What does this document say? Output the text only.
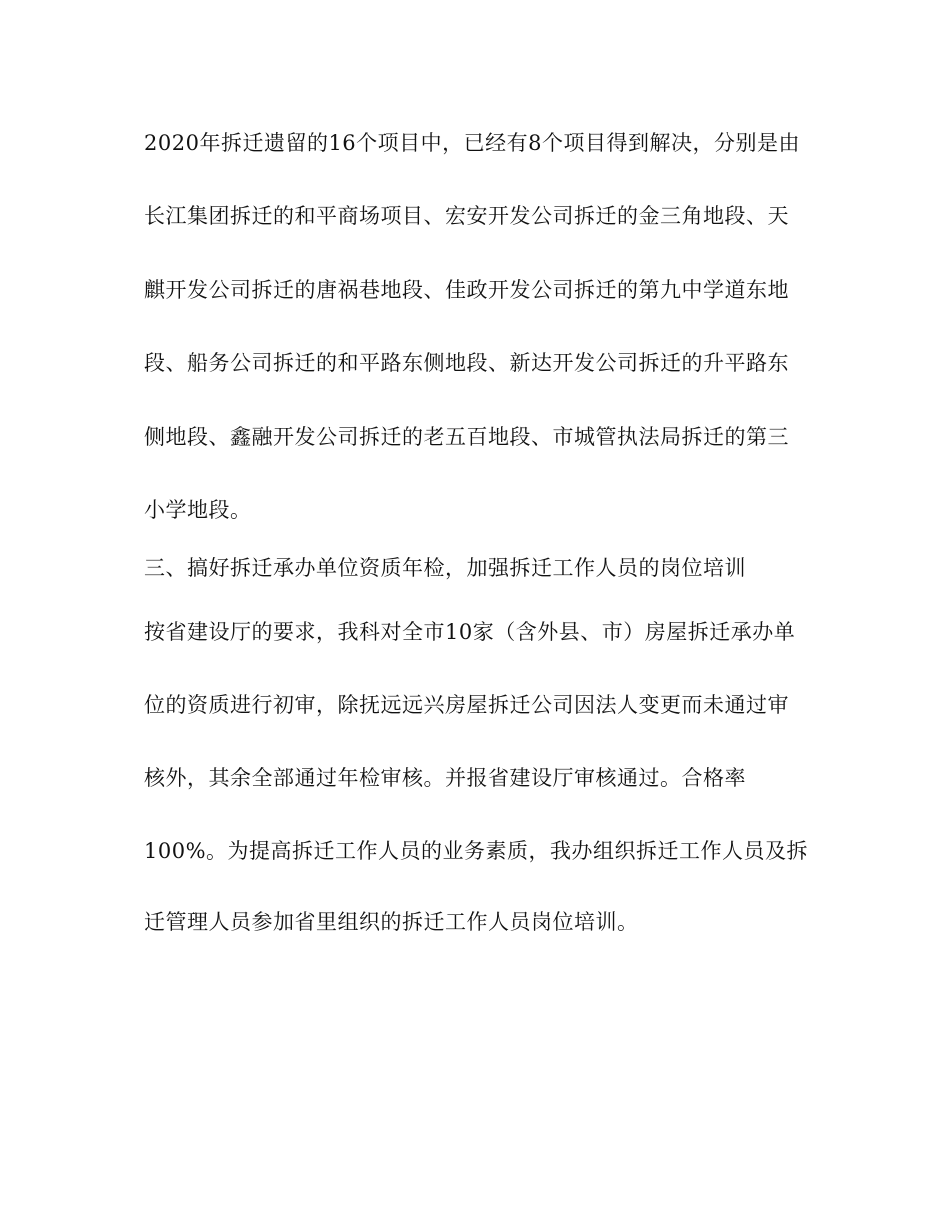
2020年拆迁遗留的16个项目中，已经有8个项目得到解决，分别是由
长江集团拆迁的和平商场项目、宏安开发公司拆迁的金三角地段、天
麒开发公司拆迁的唐祸巷地段、佳政开发公司拆迁的第九中学道东地
段、船务公司拆迁的和平路东侧地段、新达开发公司拆迁的升平路东
侧地段、鑫融开发公司拆迁的老五百地段、市城管执法局拆迁的第三
小学地段。
三、搞好拆迁承办单位资质年检，加强拆迁工作人员的岗位培训
按省建设厅的要求，我科对全市10家（含外县、市）房屋拆迁承办单
位的资质进行初审，除抚远远兴房屋拆迁公司因法人变更而未通过审
核外，其余全部通过年检审核。并报省建设厅审核通过。合格率
100%。为提高拆迁工作人员的业务素质，我办组织拆迁工作人员及拆
迁管理人员参加省里组织的拆迁工作人员岗位培训。
